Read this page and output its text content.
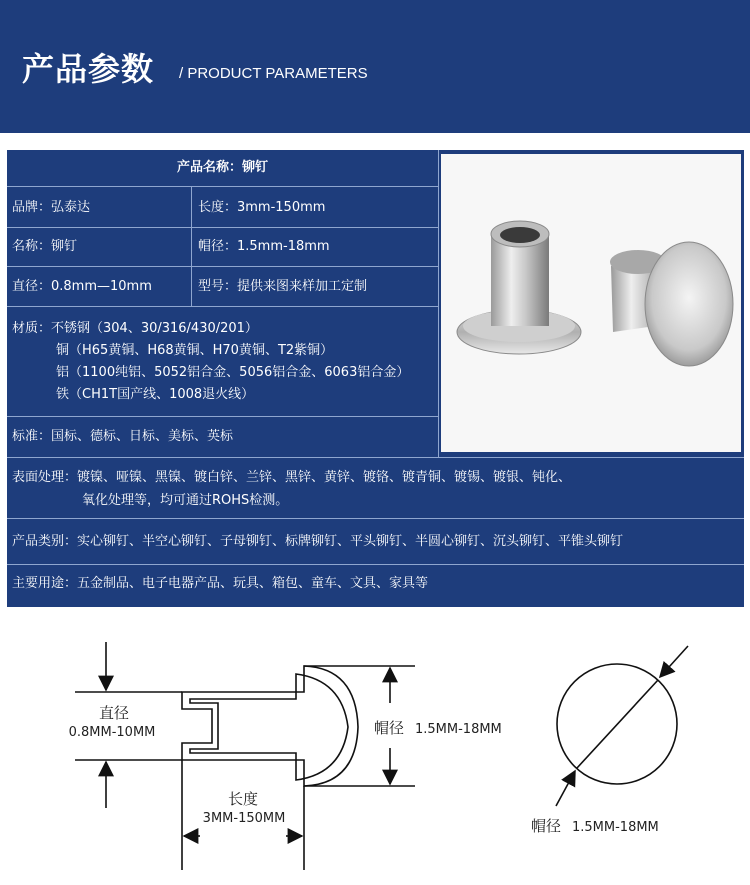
产品参数 / PRODUCT PARAMETERS
产品名称：铆钉
品牌：弘泰达	长度：3mm-150mm
名称：铆钉	帽径：1.5mm-18mm
直径：0.8mm—10mm	型号：提供来图来样加工定制
材质：不锈钢（304、30/316/430/201）
铜（H65黄铜、H68黄铜、H70黄铜、T2紫铜）
铝（1100纯铝、5052铝合金、5056铝合金、6063铝合金）
铁（CH1T国产线、1008退火线）
标准：国标、德标、日标、美标、英标
表面处理：镀镍、哑镍、黑镍、镀白锌、兰锌、黑锌、黄锌、镀铬、镀青铜、镀锡、镀银、钝化、
氧化处理等，均可通过ROHS检测。
产品类别：实心铆钉、半空心铆钉、子母铆钉、标牌铆钉、平头铆钉、半圆心铆钉、沉头铆钉、平锥头铆钉
主要用途：五金制品、电子电器产品、玩具、箱包、童车、文具、家具等
直径
0.8MM-10MM	帽径 1.5MM-18MM
长度
3MM-150MM	帽径 1.5MM-18MM
